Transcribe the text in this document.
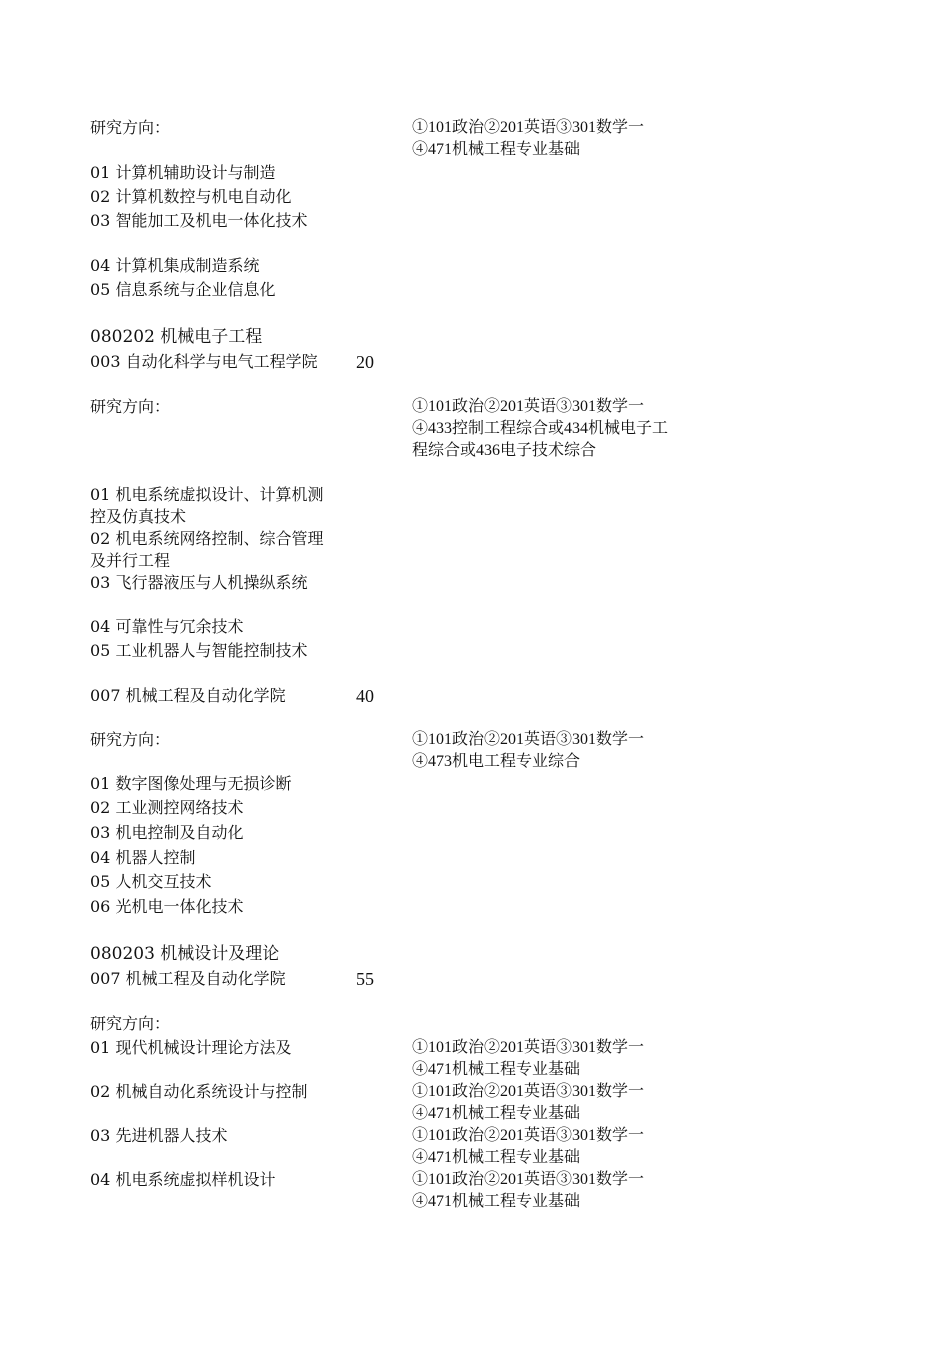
研究方向：	①101政治②201英语③301数学一④471机械工程专业基础
01 计算机辅助设计与制造
02 计算机数控与机电自动化
03 智能加工及机电一体化技术
04 计算机集成制造系统
05 信息系统与企业信息化
080202 机械电子工程
003 自动化科学与电气工程学院	20
研究方向：	①101政治②201英语③301数学一④433控制工程综合或434机械电子工程综合或436电子技术综合
01 机电系统虚拟设计、计算机测控及仿真技术
02 机电系统网络控制、综合管理及并行工程
03 飞行器液压与人机操纵系统
04 可靠性与冗余技术
05 工业机器人与智能控制技术
007 机械工程及自动化学院	40
研究方向：	①101政治②201英语③301数学一④473机电工程专业综合
01 数字图像处理与无损诊断
02 工业测控网络技术
03 机电控制及自动化
04 机器人控制
05 人机交互技术
06 光机电一体化技术
080203 机械设计及理论
007 机械工程及自动化学院	55
研究方向：
01 现代机械设计理论方法及	①101政治②201英语③301数学一④471机械工程专业基础
02 机械自动化系统设计与控制	①101政治②201英语③301数学一④471机械工程专业基础
03 先进机器人技术	①101政治②201英语③301数学一④471机械工程专业基础
04 机电系统虚拟样机设计	①101政治②201英语③301数学一④471机械工程专业基础
